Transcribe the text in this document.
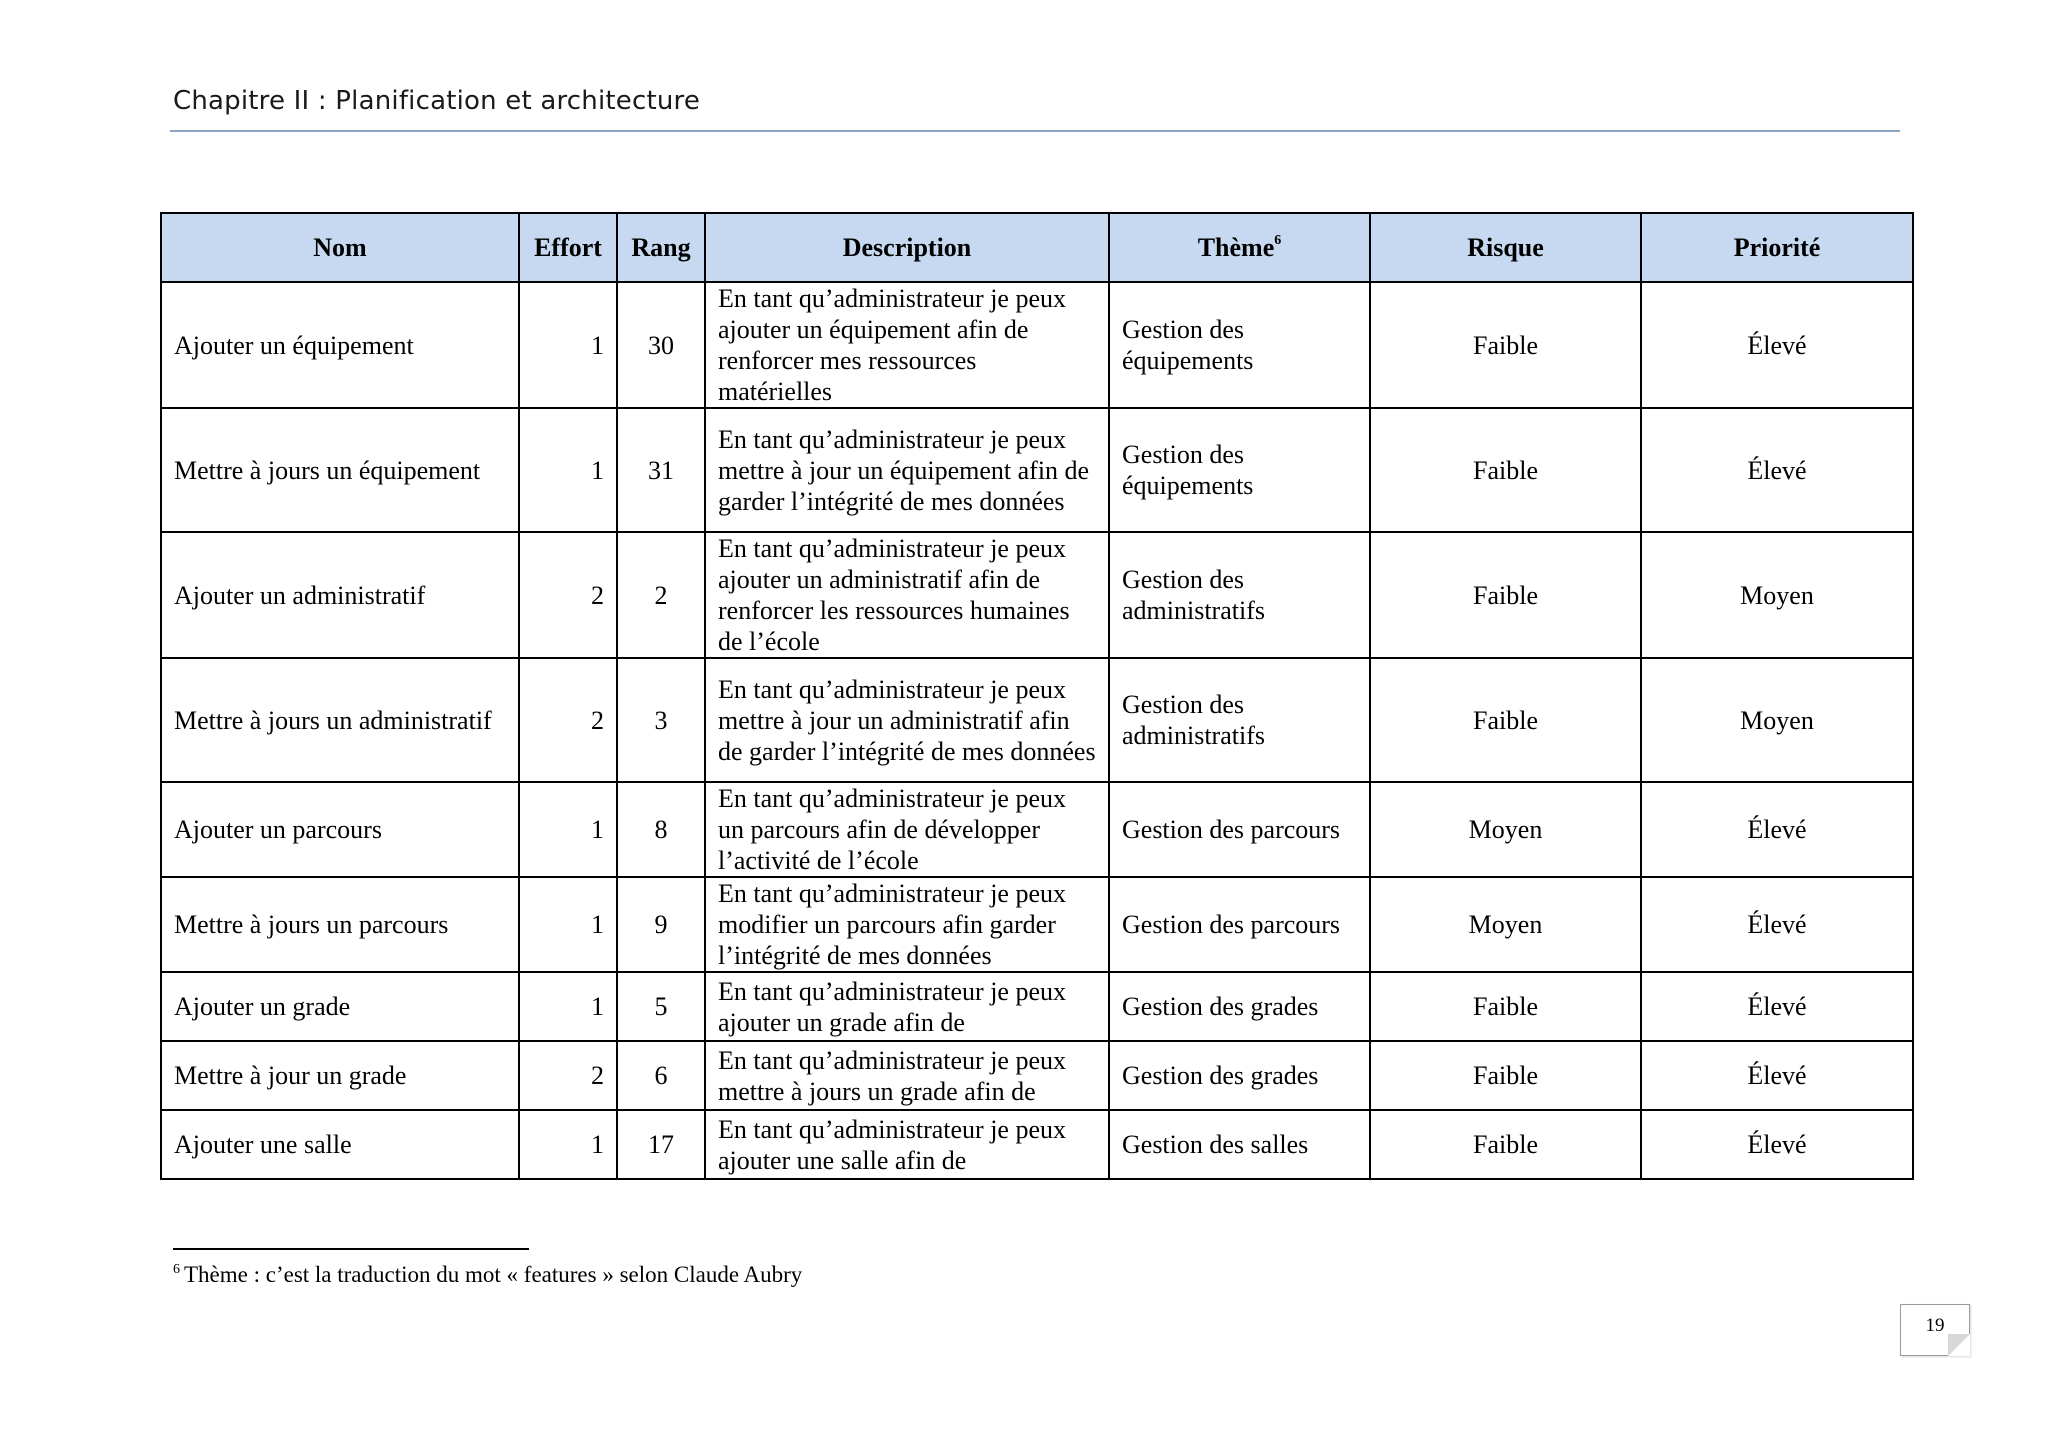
Chapitre II : Planification et architecture
Nom	Effort	Rang	Description	Thème$^6$	Risque	Priorité
Ajouter un équipement	1	30	En tant qu’administrateur je peux ajouter un équipement afin de renforcer mes ressources matérielles	Gestion des équipements	Faible	Élevé
Mettre à jours un équipement	1	31	En tant qu’administrateur je peux mettre à jour un équipement afin de garder l’intégrité de mes données	Gestion des équipements	Faible	Élevé
Ajouter un administratif	2	2	En tant qu’administrateur je peux ajouter un administratif afin de renforcer les ressources humaines de l’école	Gestion des administratifs	Faible	Moyen
Mettre à jours un administratif	2	3	En tant qu’administrateur je peux mettre à jour un administratif afin de garder l’intégrité de mes données	Gestion des administratifs	Faible	Moyen
Ajouter un parcours	1	8	En tant qu’administrateur je peux un parcours afin de développer l’activité de l’école	Gestion des parcours	Moyen	Élevé
Mettre à jours un parcours	1	9	En tant qu’administrateur je peux modifier un parcours afin garder l’intégrité de mes données	Gestion des parcours	Moyen	Élevé
Ajouter un grade	1	5	En tant qu’administrateur je peux ajouter un grade afin de	Gestion des grades	Faible	Élevé
Mettre à jour un grade	2	6	En tant qu’administrateur je peux mettre à jours un grade afin de	Gestion des grades	Faible	Élevé
Ajouter une salle	1	17	En tant qu’administrateur je peux ajouter une salle afin de	Gestion des salles	Faible	Élevé
$^6$ Thème : c’est la traduction du mot « features » selon Claude Aubry
19
